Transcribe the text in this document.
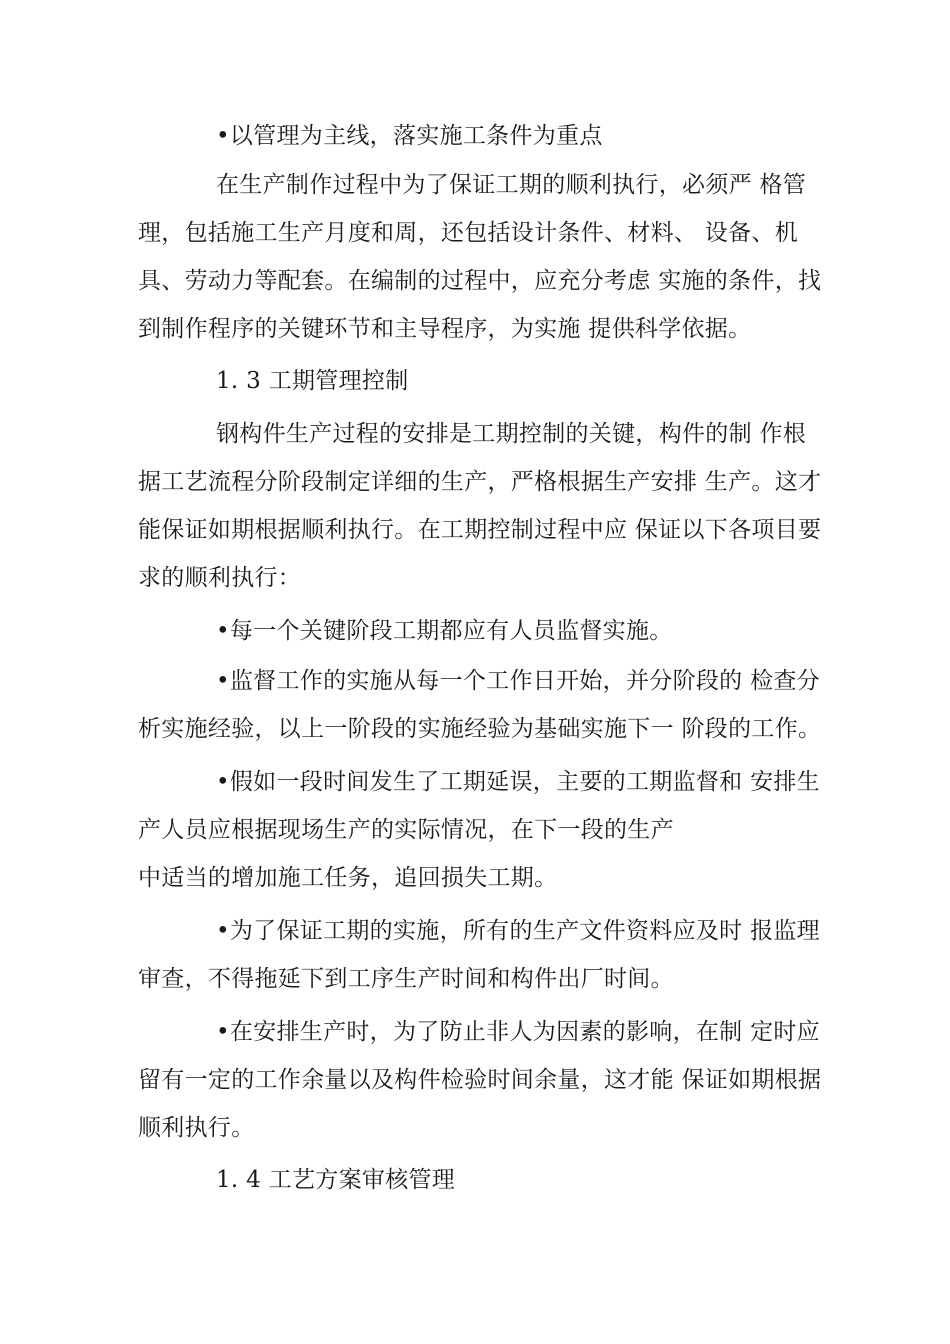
•以管理为主线，落实施工条件为重点
在生产制作过程中为了保证工期的顺利执行，必须严 格管
理，包括施工生产月度和周，还包括设计条件、材料、 设备、机
具、劳动力等配套。在编制的过程中，应充分考虑 实施的条件，找
到制作程序的关键环节和主导程序，为实施 提供科学依据。
1. 3 工期管理控制
钢构件生产过程的安排是工期控制的关键，构件的制 作根
据工艺流程分阶段制定详细的生产，严格根据生产安排 生产。这才
能保证如期根据顺利执行。在工期控制过程中应 保证以下各项目要
求的顺利执行：
•每一个关键阶段工期都应有人员监督实施。
•监督工作的实施从每一个工作日开始，并分阶段的 检查分
析实施经验，以上一阶段的实施经验为基础实施下一 阶段的工作。
•假如一段时间发生了工期延误，主要的工期监督和 安排生
产人员应根据现场生产的实际情况，在下一段的生产
中适当的增加施工任务，追回损失工期。
•为了保证工期的实施，所有的生产文件资料应及时 报监理
审查，不得拖延下到工序生产时间和构件出厂时间。
•在安排生产时，为了防止非人为因素的影响，在制 定时应
留有一定的工作余量以及构件检验时间余量，这才能 保证如期根据
顺利执行。
1. 4 工艺方案审核管理
